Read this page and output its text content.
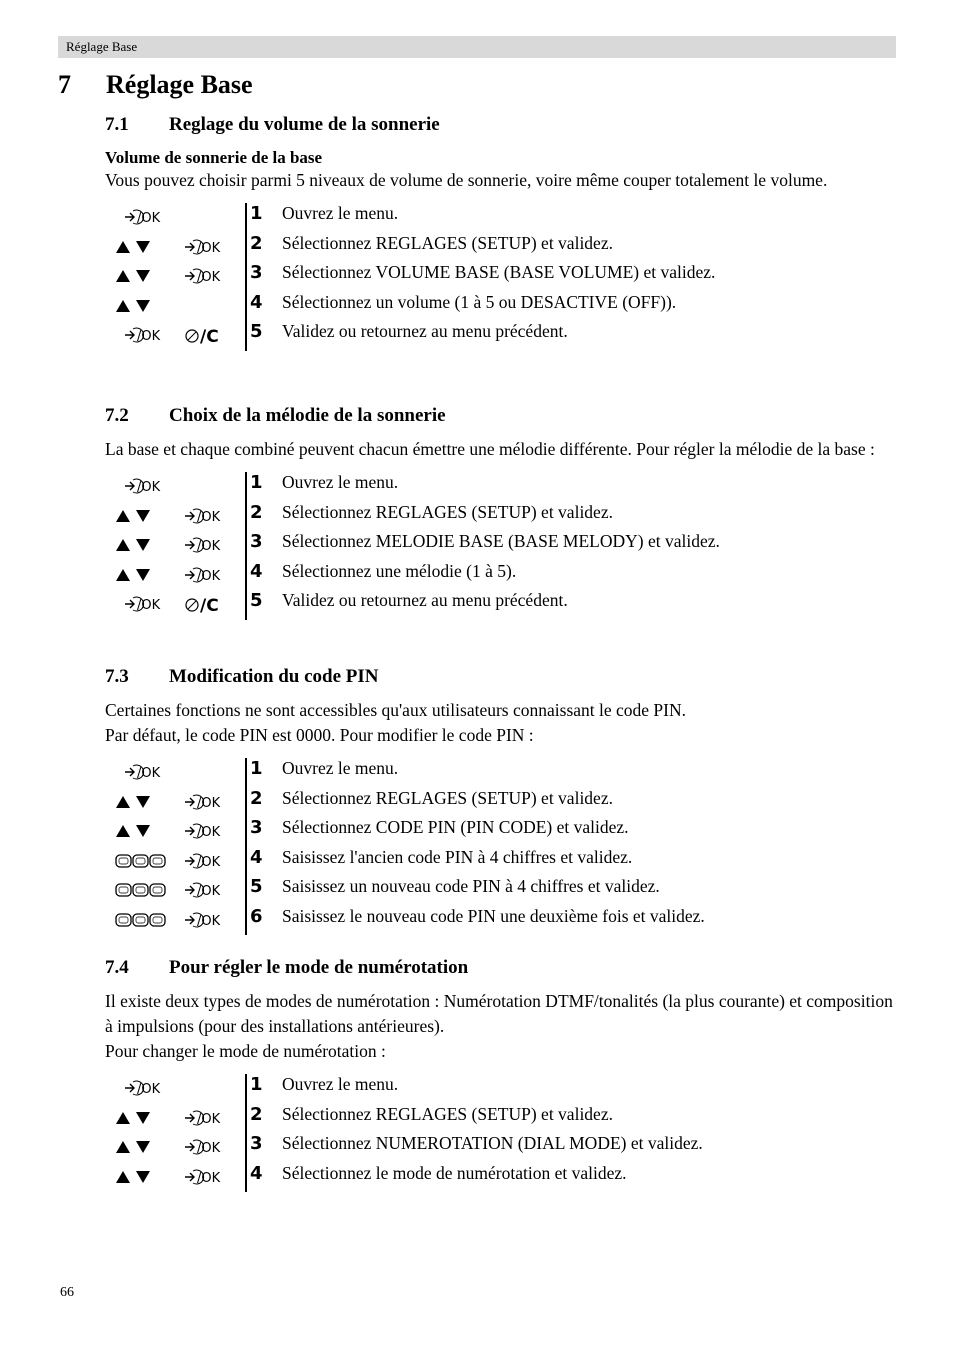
Réglage Base
7 Réglage Base
7.1 Reglage du volume de la sonnerie
Volume de sonnerie de la base
Vous pouvez choisir parmi 5 niveaux de volume de sonnerie, voire même couper totalement le volume.
/OK	1 Ouvrez le menu.
/OK 2 Sélectionnez REGLAGES (SETUP) et validez.
/OK 3 Sélectionnez VOLUME BASE (BASE VOLUME) et validez.
4 Sélectionnez un volume (1 à 5 ou DESACTIVE (OFF)).
/OK /C 5 Validez ou retournez au menu précédent.
7.2 Choix de la mélodie de la sonnerie
La base et chaque combiné peuvent chacun émettre une mélodie différente. Pour régler la mélodie de la base :
/OK	1 Ouvrez le menu.
/OK 2 Sélectionnez REGLAGES (SETUP) et validez.
/OK 3 Sélectionnez MELODIE BASE (BASE MELODY) et validez.
/OK 4 Sélectionnez une mélodie (1 à 5).
/OK /C 5 Validez ou retournez au menu précédent.
7.3 Modification du code PIN
Certaines fonctions ne sont accessibles qu'aux utilisateurs connaissant le code PIN.
Par défaut, le code PIN est 0000. Pour modifier le code PIN :
/OK	1 Ouvrez le menu.
/OK 2 Sélectionnez REGLAGES (SETUP) et validez.
/OK 3 Sélectionnez CODE PIN (PIN CODE) et validez.
/OK 4 Saisissez l'ancien code PIN à 4 chiffres et validez.
/OK 5 Saisissez un nouveau code PIN à 4 chiffres et validez.
/OK 6 Saisissez le nouveau code PIN une deuxième fois et validez.
7.4 Pour régler le mode de numérotation
Il existe deux types de modes de numérotation : Numérotation DTMF/tonalités (la plus courante) et composition à impulsions (pour des installations antérieures).
Pour changer le mode de numérotation :
/OK	1 Ouvrez le menu.
/OK 2 Sélectionnez REGLAGES (SETUP) et validez.
/OK 3 Sélectionnez NUMEROTATION (DIAL MODE) et validez.
/OK 4 Sélectionnez le mode de numérotation et validez.
66
